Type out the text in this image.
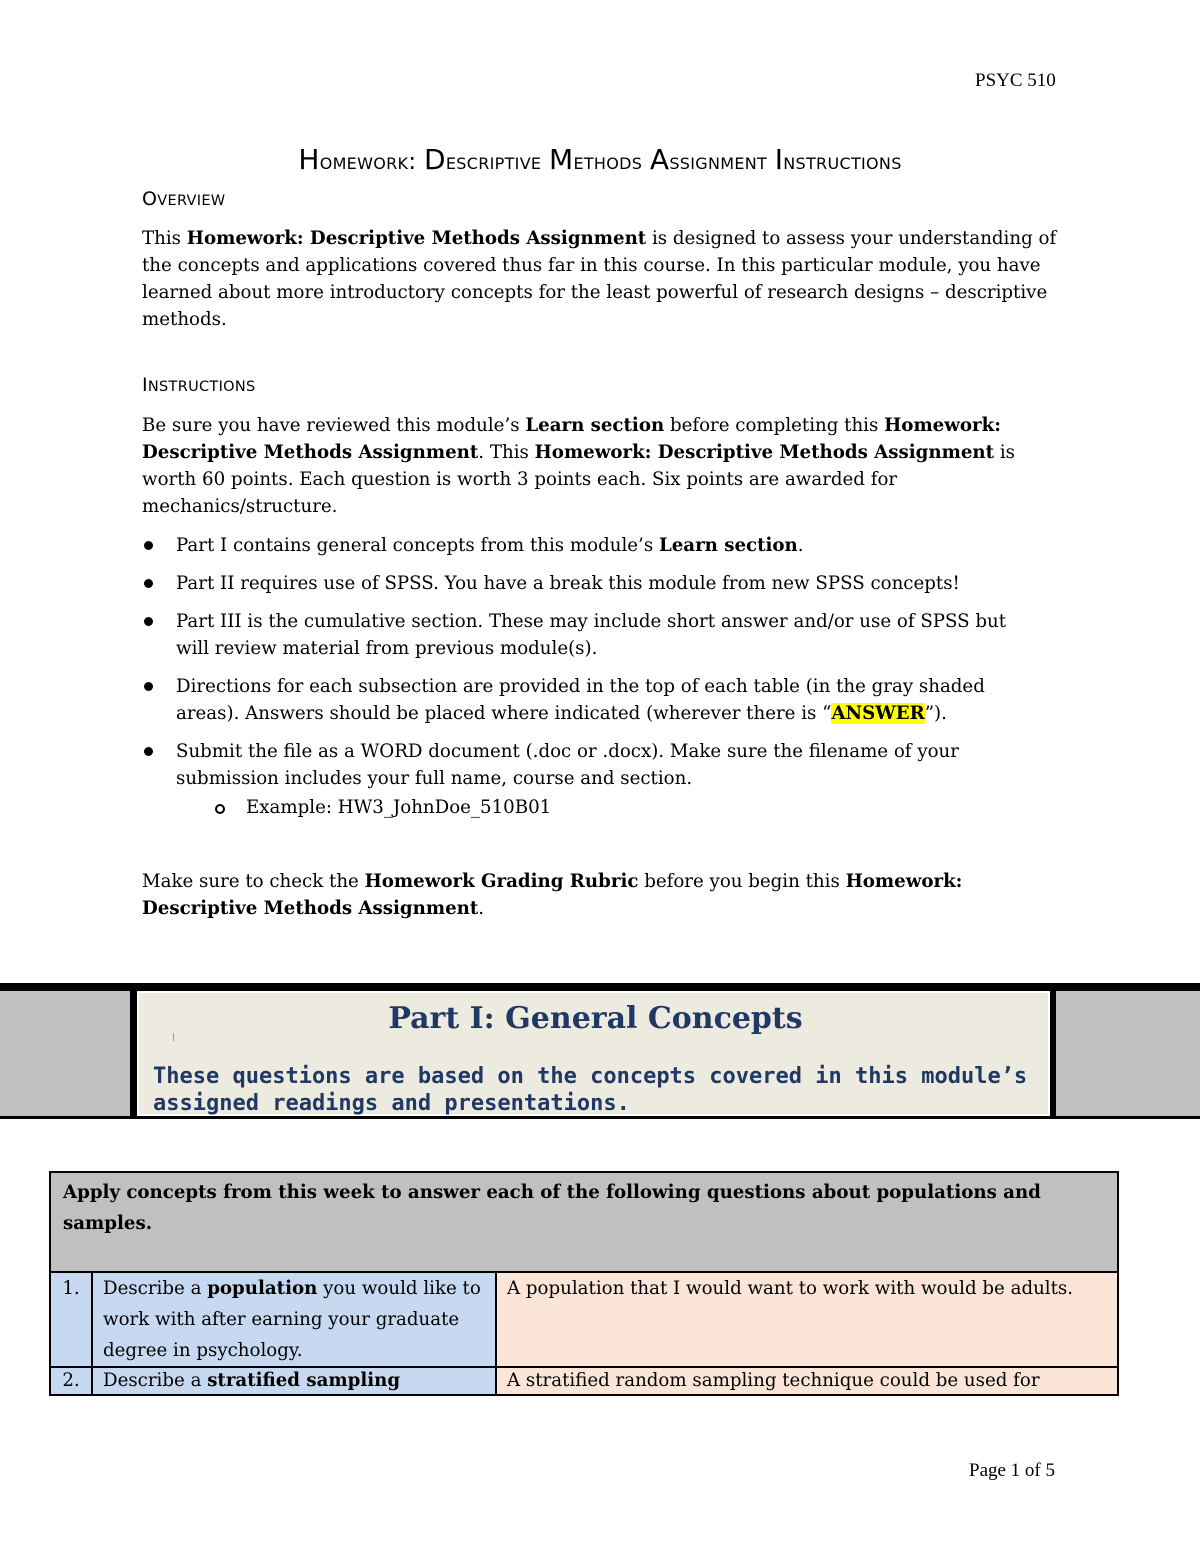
PSYC 510
Homework: Descriptive Methods Assignment Instructions
OVERVIEW
This Homework: Descriptive Methods Assignment is designed to assess your understanding of the concepts and applications covered thus far in this course. In this particular module, you have learned about more introductory concepts for the least powerful of research designs – descriptive methods.
INSTRUCTIONS
Be sure you have reviewed this module’s Learn section before completing this Homework: Descriptive Methods Assignment. This Homework: Descriptive Methods Assignment is worth 60 points. Each question is worth 3 points each. Six points are awarded for mechanics/structure.
Part I contains general concepts from this module’s Learn section.
Part II requires use of SPSS. You have a break this module from new SPSS concepts!
Part III is the cumulative section. These may include short answer and/or use of SPSS but will review material from previous module(s).
Directions for each subsection are provided in the top of each table (in the gray shaded areas). Answers should be placed where indicated (wherever there is “ANSWER”).
Submit the file as a WORD document (.doc or .docx). Make sure the filename of your submission includes your full name, course and section.
Example: HW3_JohnDoe_510B01
Make sure to check the Homework Grading Rubric before you begin this Homework: Descriptive Methods Assignment.
Part I: General Concepts
These questions are based on the concepts covered in this module’s assigned readings and presentations.
Apply concepts from this week to answer each of the following questions about populations and samples.		
1.	Describe a population you would like to work with after earning your graduate degree in psychology.	A population that I would want to work with would be adults.
2.	Describe a stratified sampling	A stratified random sampling technique could be used for
Page 1 of 5
